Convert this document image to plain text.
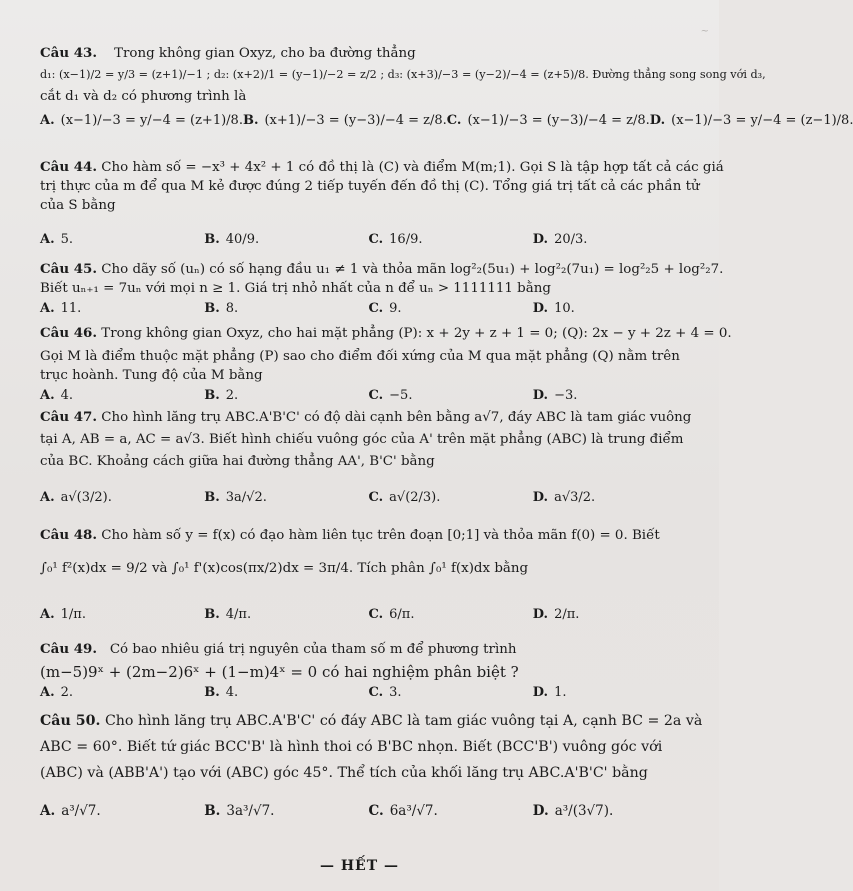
~
Câu 43. Trong không gian Oxyz, cho ba đường thẳng
d₁: (x−1)/2 = y/3 = (z+1)/−1 ; d₂: (x+2)/1 = (y−1)/−2 = z/2 ; d₃: (x+3)/−3 = (y−2)/−4 = (z+5)/8. Đường thẳng song song với d₃,
cắt d₁ và d₂ có phương trình là
A. (x−1)/−3 = y/−4 = (z+1)/8. B. (x+1)/−3 = (y−3)/−4 = z/8. C. (x−1)/−3 = (y−3)/−4 = z/8. D. (x−1)/−3 = y/−4 = (z−1)/8.
Câu 44. Cho hàm số = −x³ + 4x² + 1 có đồ thị là (C) và điểm M(m;1). Gọi S là tập hợp tất cả các giá
trị thực của m để qua M kẻ được đúng 2 tiếp tuyến đến đồ thị (C). Tổng giá trị tất cả các phần tử
của S bằng
A. 5.	B. 40/9.	C. 16/9.	D. 20/3.
Câu 45. Cho dãy số (uₙ) có số hạng đầu u₁ ≠ 1 và thỏa mãn log²₂(5u₁) + log²₂(7u₁) = log²₂5 + log²₂7.
Biết uₙ₊₁ = 7uₙ với mọi n ≥ 1. Giá trị nhỏ nhất của n để uₙ > 1111111 bằng
A. 11.	B. 8.	C. 9.	D. 10.
Câu 46. Trong không gian Oxyz, cho hai mặt phẳng (P): x + 2y + z + 1 = 0; (Q): 2x − y + 2z + 4 = 0.
Gọi M là điểm thuộc mặt phẳng (P) sao cho điểm đối xứng của M qua mặt phẳng (Q) nằm trên
trục hoành. Tung độ của M bằng
A. 4.	B. 2.	C. −5.	D. −3.
Câu 47. Cho hình lăng trụ ABC.A'B'C' có độ dài cạnh bên bằng a√7, đáy ABC là tam giác vuông
tại A, AB = a, AC = a√3. Biết hình chiếu vuông góc của A' trên mặt phẳng (ABC) là trung điểm
của BC. Khoảng cách giữa hai đường thẳng AA', B'C' bằng
A. a√(3/2).	B. 3a/√2.	C. a√(2/3).	D. a√3/2.
Câu 48. Cho hàm số y = f(x) có đạo hàm liên tục trên đoạn [0;1] và thỏa mãn f(0) = 0. Biết
∫₀¹ f²(x)dx = 9/2 và ∫₀¹ f'(x)cos(πx/2)dx = 3π/4. Tích phân ∫₀¹ f(x)dx bằng
A. 1/π.	B. 4/π.	C. 6/π.	D. 2/π.
Câu 49. Có bao nhiêu giá trị nguyên của tham số m để phương trình
(m−5)9ˣ + (2m−2)6ˣ + (1−m)4ˣ = 0 có hai nghiệm phân biệt ?
A. 2.	B. 4.	C. 3.	D. 1.
Câu 50. Cho hình lăng trụ ABC.A'B'C' có đáy ABC là tam giác vuông tại A, cạnh BC = 2a và
ABC = 60°. Biết tứ giác BCC'B' là hình thoi có B'BC nhọn. Biết (BCC'B') vuông góc với
(ABC) và (ABB'A') tạo với (ABC) góc 45°. Thể tích của khối lăng trụ ABC.A'B'C' bằng
A. a³/√7.	B. 3a³/√7.	C. 6a³/√7.	D. a³/(3√7).
— HẾT —
